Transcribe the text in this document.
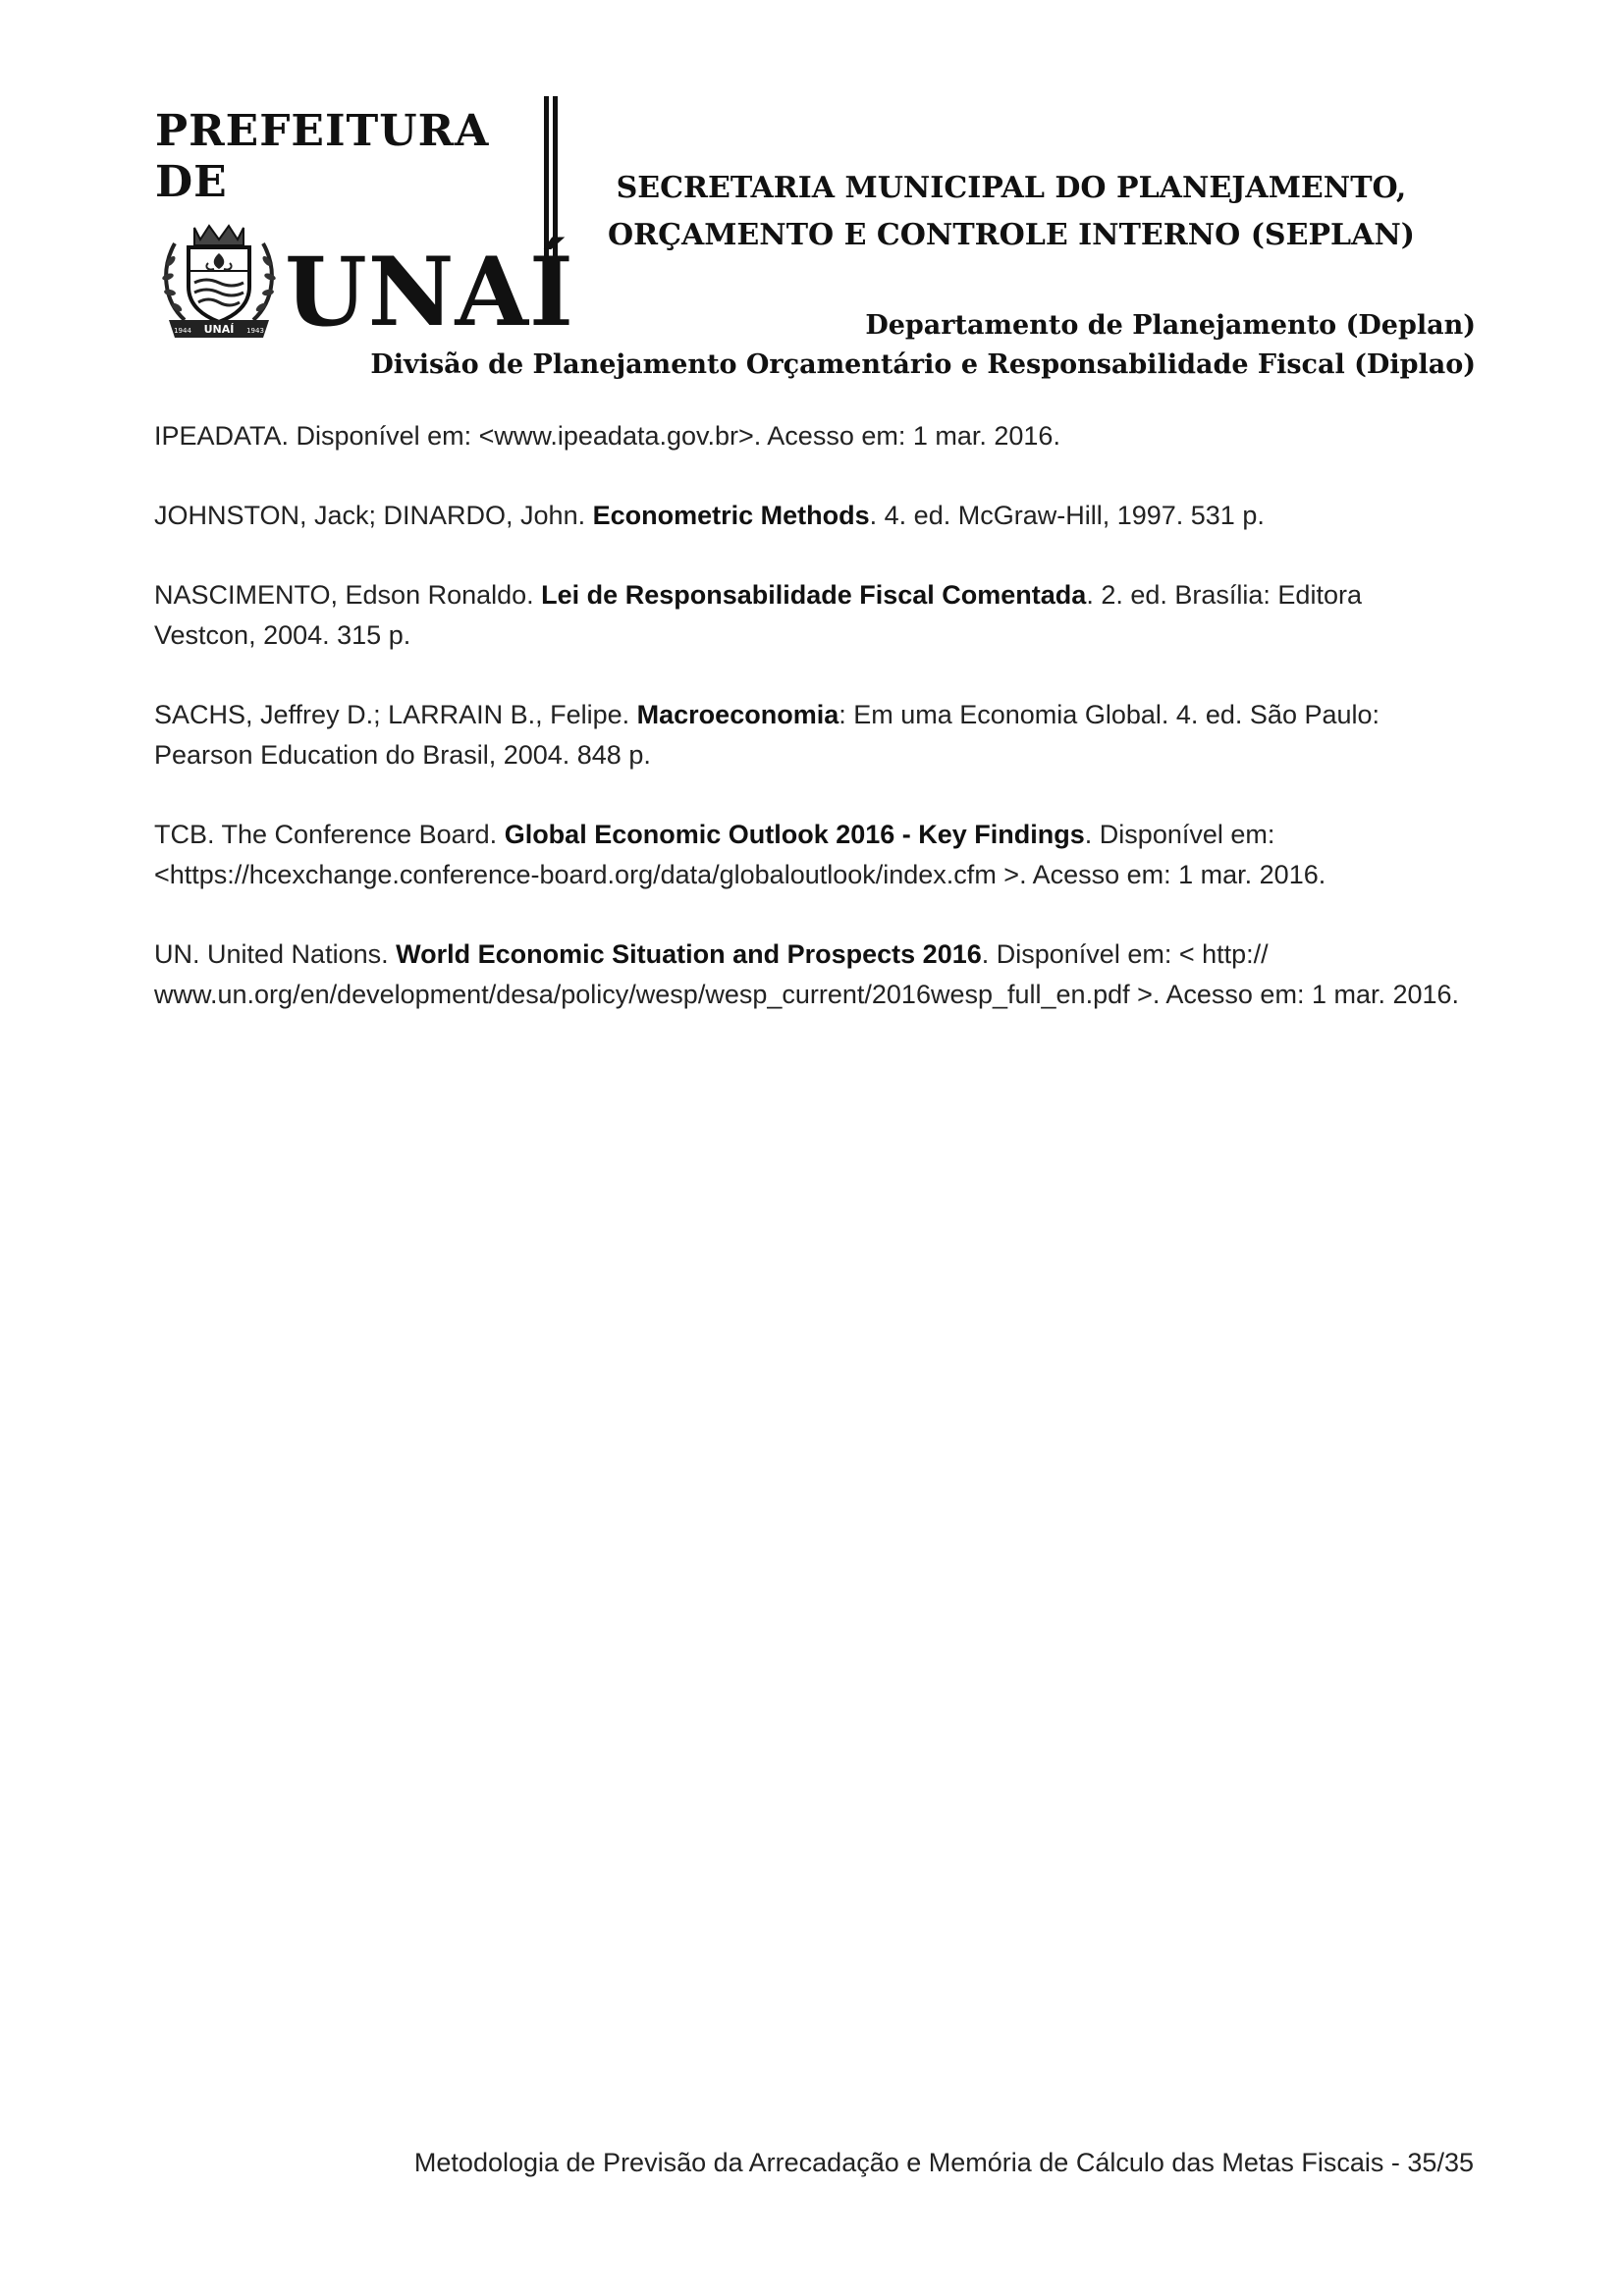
PREFEITURA DE
UNAÍ
1944	1943 UNAÍ
SECRETARIA MUNICIPAL DO PLANEJAMENTO,
ORÇAMENTO E CONTROLE INTERNO (SEPLAN)
Departamento de Planejamento (Deplan)
Divisão de Planejamento Orçamentário e Responsabilidade Fiscal (Diplao)

IPEADATA. Disponível em: <www.ipeadata.gov.br>. Acesso em: 1 mar. 2016.

JOHNSTON, Jack; DINARDO, John. Econometric Methods. 4. ed. McGraw-Hill, 1997. 531 p.

NASCIMENTO, Edson Ronaldo. Lei de Responsabilidade Fiscal Comentada. 2. ed. Brasília: Editora Vestcon, 2004. 315 p.

SACHS, Jeffrey D.; LARRAIN B., Felipe. Macroeconomia: Em uma Economia Global. 4. ed. São Paulo: Pearson Education do Brasil, 2004. 848 p.

TCB. The Conference Board. Global Economic Outlook 2016 - Key Findings. Disponível em: <https://hcexchange.conference-board.org/data/globaloutlook/index.cfm >. Acesso em: 1 mar. 2016.

UN. United Nations. World Economic Situation and Prospects 2016. Disponível em: < http:// www.un.org/en/development/desa/policy/wesp/wesp_current/2016wesp_full_en.pdf >. Acesso em: 1 mar. 2016.

Metodologia de Previsão da Arrecadação e Memória de Cálculo das Metas Fiscais - 35/35
